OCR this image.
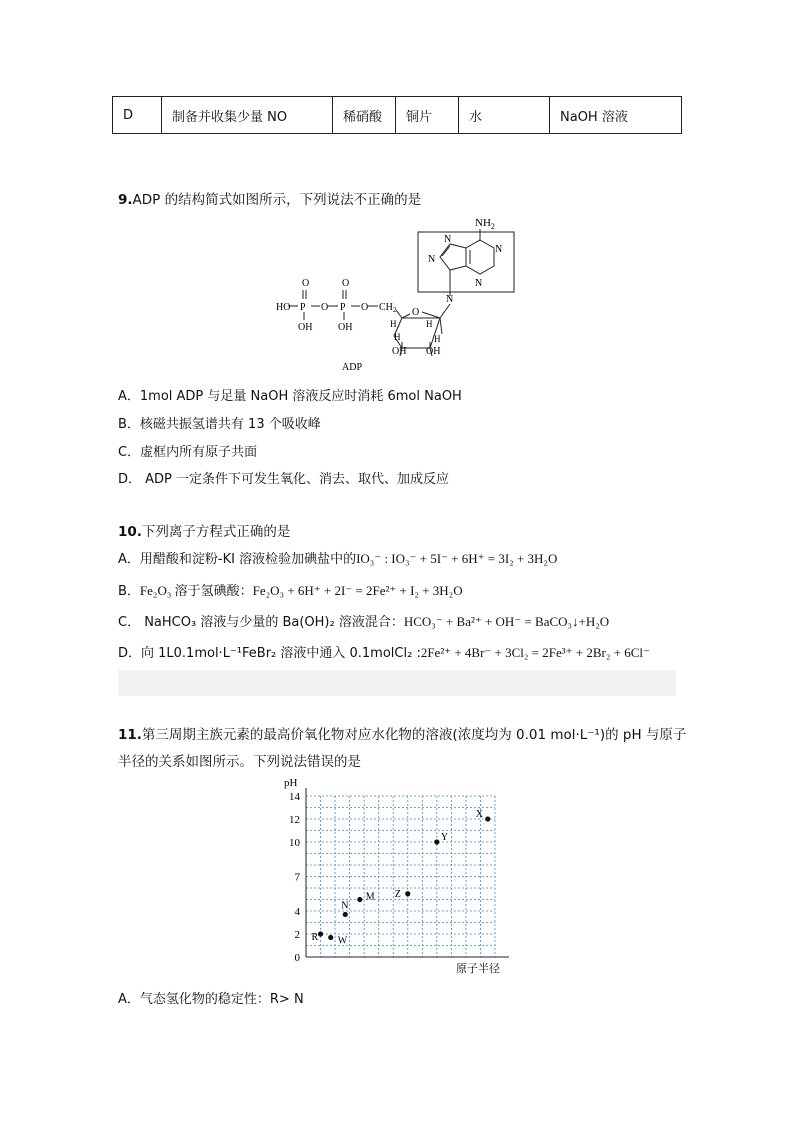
D	制备并收集少量 NO	稀硝酸	铜片	水	NaOH 溶液
9.ADP 的结构简式如图所示，下列说法不正确的是
$NH_2$
N
N
N
N
N
O	O
HO P O P O $CH_2$
OH	OH
O
H	H
H	H
OH OH
ADP
A．1mol ADP 与足量 NaOH 溶液反应时消耗 6mol NaOH
B．核磁共振氢谱共有 13 个吸收峰
C．虚框内所有原子共面
D． ADP 一定条件下可发生氧化、消去、取代、加成反应
10.下列离子方程式正确的是
A．用醋酸和淀粉-KI 溶液检验加碘盐中的IO₃⁻ : IO₃⁻ + 5I⁻ + 6H⁺ = 3I₂ + 3H₂O
B．Fe₂O₃ 溶于氢碘酸：Fe₂O₃ + 6H⁺ + 2I⁻ = 2Fe²⁺ + I₂ + 3H₂O
C． NaHCO₃ 溶液与少量的 Ba(OH)₂ 溶液混合：HCO₃⁻ + Ba²⁺ + OH⁻ = BaCO₃↓+H₂O
D．向 1L0.1mol·L⁻¹FeBr₂ 溶液中通入 0.1molCl₂ :2Fe²⁺ + 4Br⁻ + 3Cl₂ = 2Fe³⁺ + 2Br₂ + 6Cl⁻
11.第三周期主族元素的最高价氧化物对应水化物的溶液(浓度均为 0.01 mol·L⁻¹)的 pH 与原子
半径的关系如图所示。下列说法错误的是
pH
原子半径
0
2
4
7
10
12
14
R W
N
M Z
Y
X
A．气态氢化物的稳定性：R> N
